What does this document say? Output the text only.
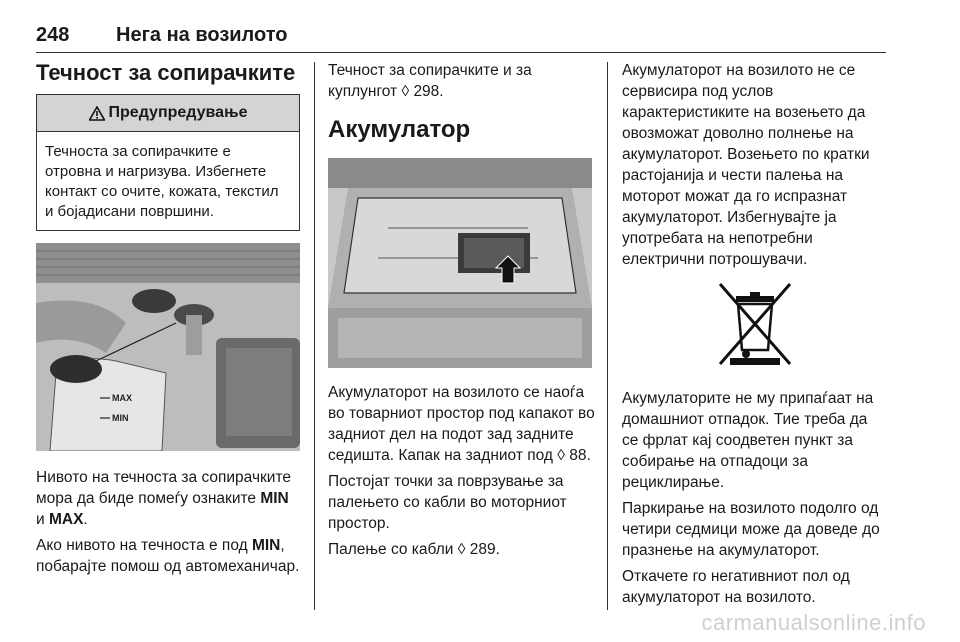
248 Нега на возилото
Течност за сопирачките
Предупредување
Течноста за сопирачките е отровна и нагризува. Избегнете контакт со очите, кожата, текстил и бојадисани површини.
MAX
MIN

Нивото на течноста за сопирачките мора да биде помеѓу ознаките MIN и MAX.

Ако нивото на течноста е под MIN, побарајте помош од автомеханичар.

Течност за сопирачките и за куплунгот ◊ 298.

Акумулатор

Акумулаторот на возилото се наоѓа во товарниот простор под капакот во задниот дел на подот зад задните седишта. Капак на задниот под ◊ 88.

Постојат точки за поврзување за палењето со кабли во моторниот простор.

Палење со кабли ◊ 289.

Акумулаторот на возилото не се сервисира под услов карактеристиките на возењето да овозможат доволно полнење на акумулаторот. Возењето по кратки растојанија и чести палења на моторот можат да го испразнат акумулаторот. Избегнувајте ја употребата на непотребни електрични потрошувачи.

Акумулаторите не му припаѓаат на домашниот отпадок. Тие треба да се фрлат кај соодветен пункт за собирање на отпадоци за рециклирање.

Паркирање на возилото подолго од четири седмици може да доведе до празнење на акумулаторот.

Откачете го негативниот пол од акумулаторот на возилото.

carmanualsonline.info
